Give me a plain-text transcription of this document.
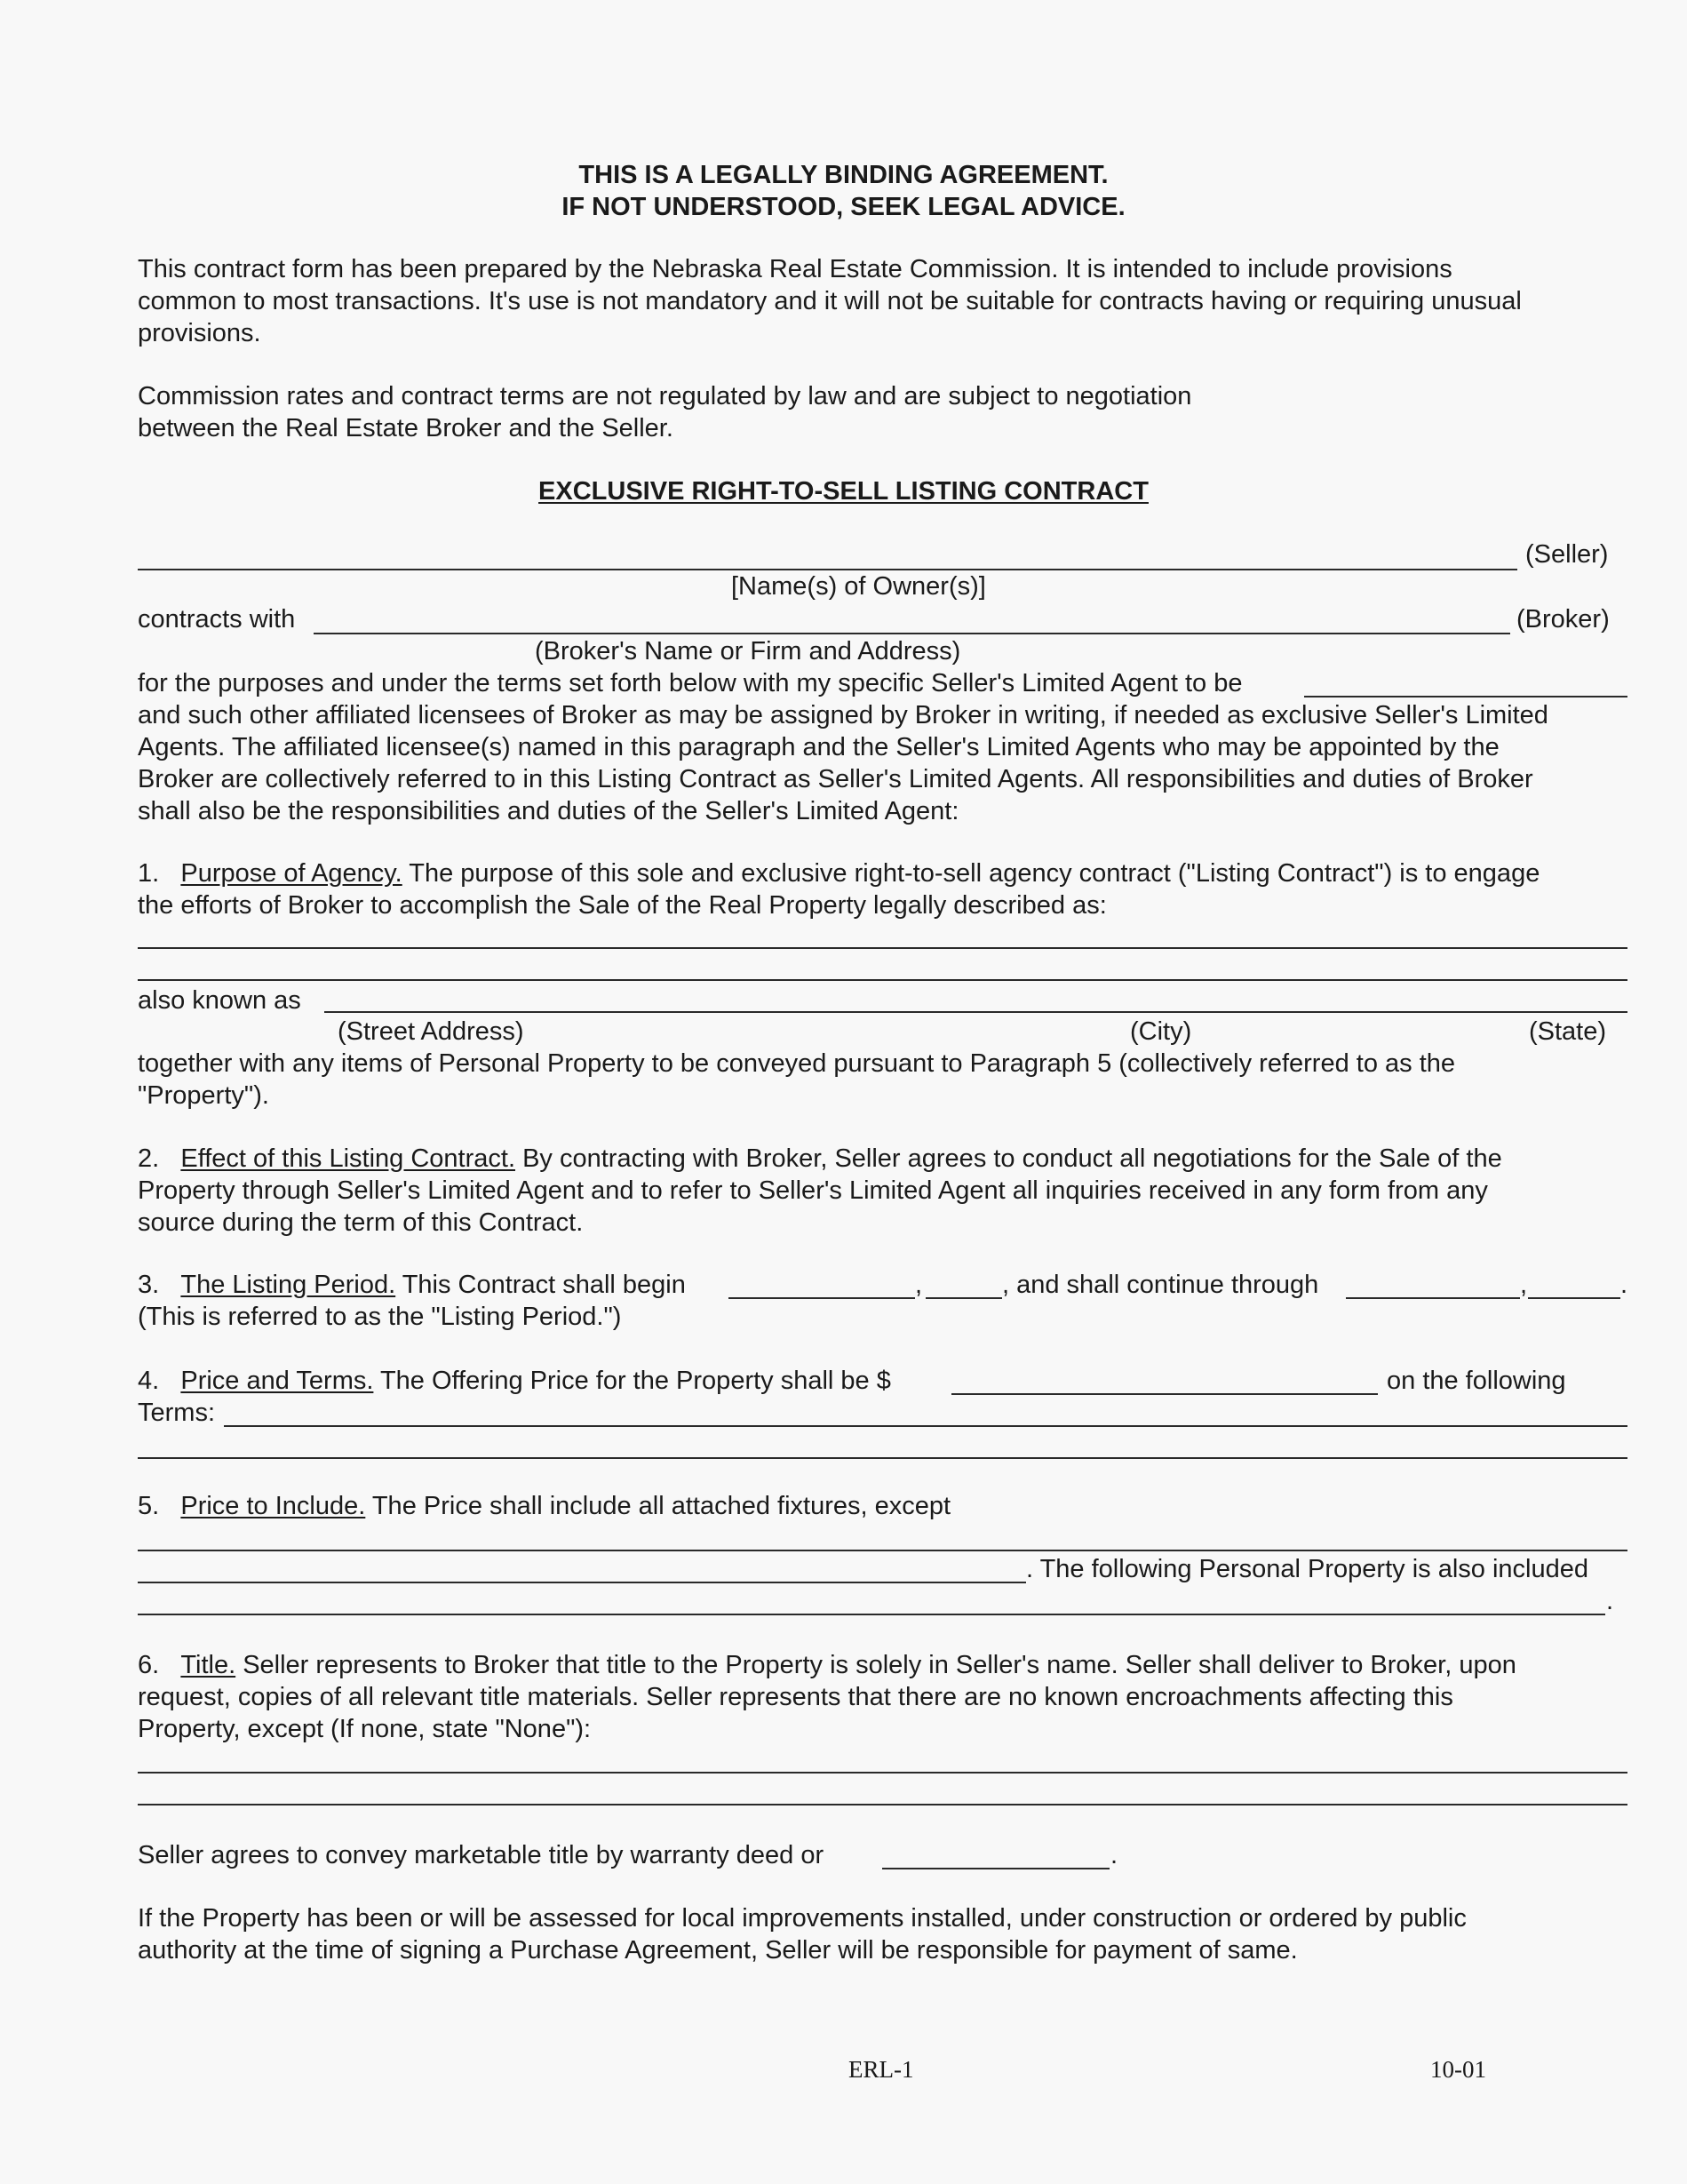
THIS IS A LEGALLY BINDING AGREEMENT.
IF NOT UNDERSTOOD, SEEK LEGAL ADVICE.
This contract form has been prepared by the Nebraska Real Estate Commission. It is intended to include provisions
common to most transactions. It's use is not mandatory and it will not be suitable for contracts having or requiring unusual
provisions.
Commission rates and contract terms are not regulated by law and are subject to negotiation
between the Real Estate Broker and the Seller.
EXCLUSIVE RIGHT-TO-SELL LISTING CONTRACT
(Seller)
[Name(s) of Owner(s)]
contracts with	(Broker)
(Broker's Name or Firm and Address)
for the purposes and under the terms set forth below with my specific Seller's Limited Agent to be
and such other affiliated licensees of Broker as may be assigned by Broker in writing, if needed as exclusive Seller's Limited
Agents. The affiliated licensee(s) named in this paragraph and the Seller's Limited Agents who may be appointed by the
Broker are collectively referred to in this Listing Contract as Seller's Limited Agents. All responsibilities and duties of Broker
shall also be the responsibilities and duties of the Seller's Limited Agent:
1. Purpose of Agency. The purpose of this sole and exclusive right-to-sell agency contract ("Listing Contract") is to engage
the efforts of Broker to accomplish the Sale of the Real Property legally described as:
also known as
(Street Address)	(City)	(State)
together with any items of Personal Property to be conveyed pursuant to Paragraph 5 (collectively referred to as the
"Property").
2. Effect of this Listing Contract. By contracting with Broker, Seller agrees to conduct all negotiations for the Sale of the
Property through Seller's Limited Agent and to refer to Seller's Limited Agent all inquiries received in any form from any
source during the term of this Contract.
3. The Listing Period. This Contract shall begin	,	, and shall continue through	,	.
(This is referred to as the "Listing Period.")
4. Price and Terms. The Offering Price for the Property shall be $	on the following
Terms:
5. Price to Include. The Price shall include all attached fixtures, except
. The following Personal Property is also included
.
6. Title. Seller represents to Broker that title to the Property is solely in Seller's name. Seller shall deliver to Broker, upon
request, copies of all relevant title materials. Seller represents that there are no known encroachments affecting this
Property, except (If none, state "None"):
Seller agrees to convey marketable title by warranty deed or	.
If the Property has been or will be assessed for local improvements installed, under construction or ordered by public
authority at the time of signing a Purchase Agreement, Seller will be responsible for payment of same.
ERL-1	10-01
